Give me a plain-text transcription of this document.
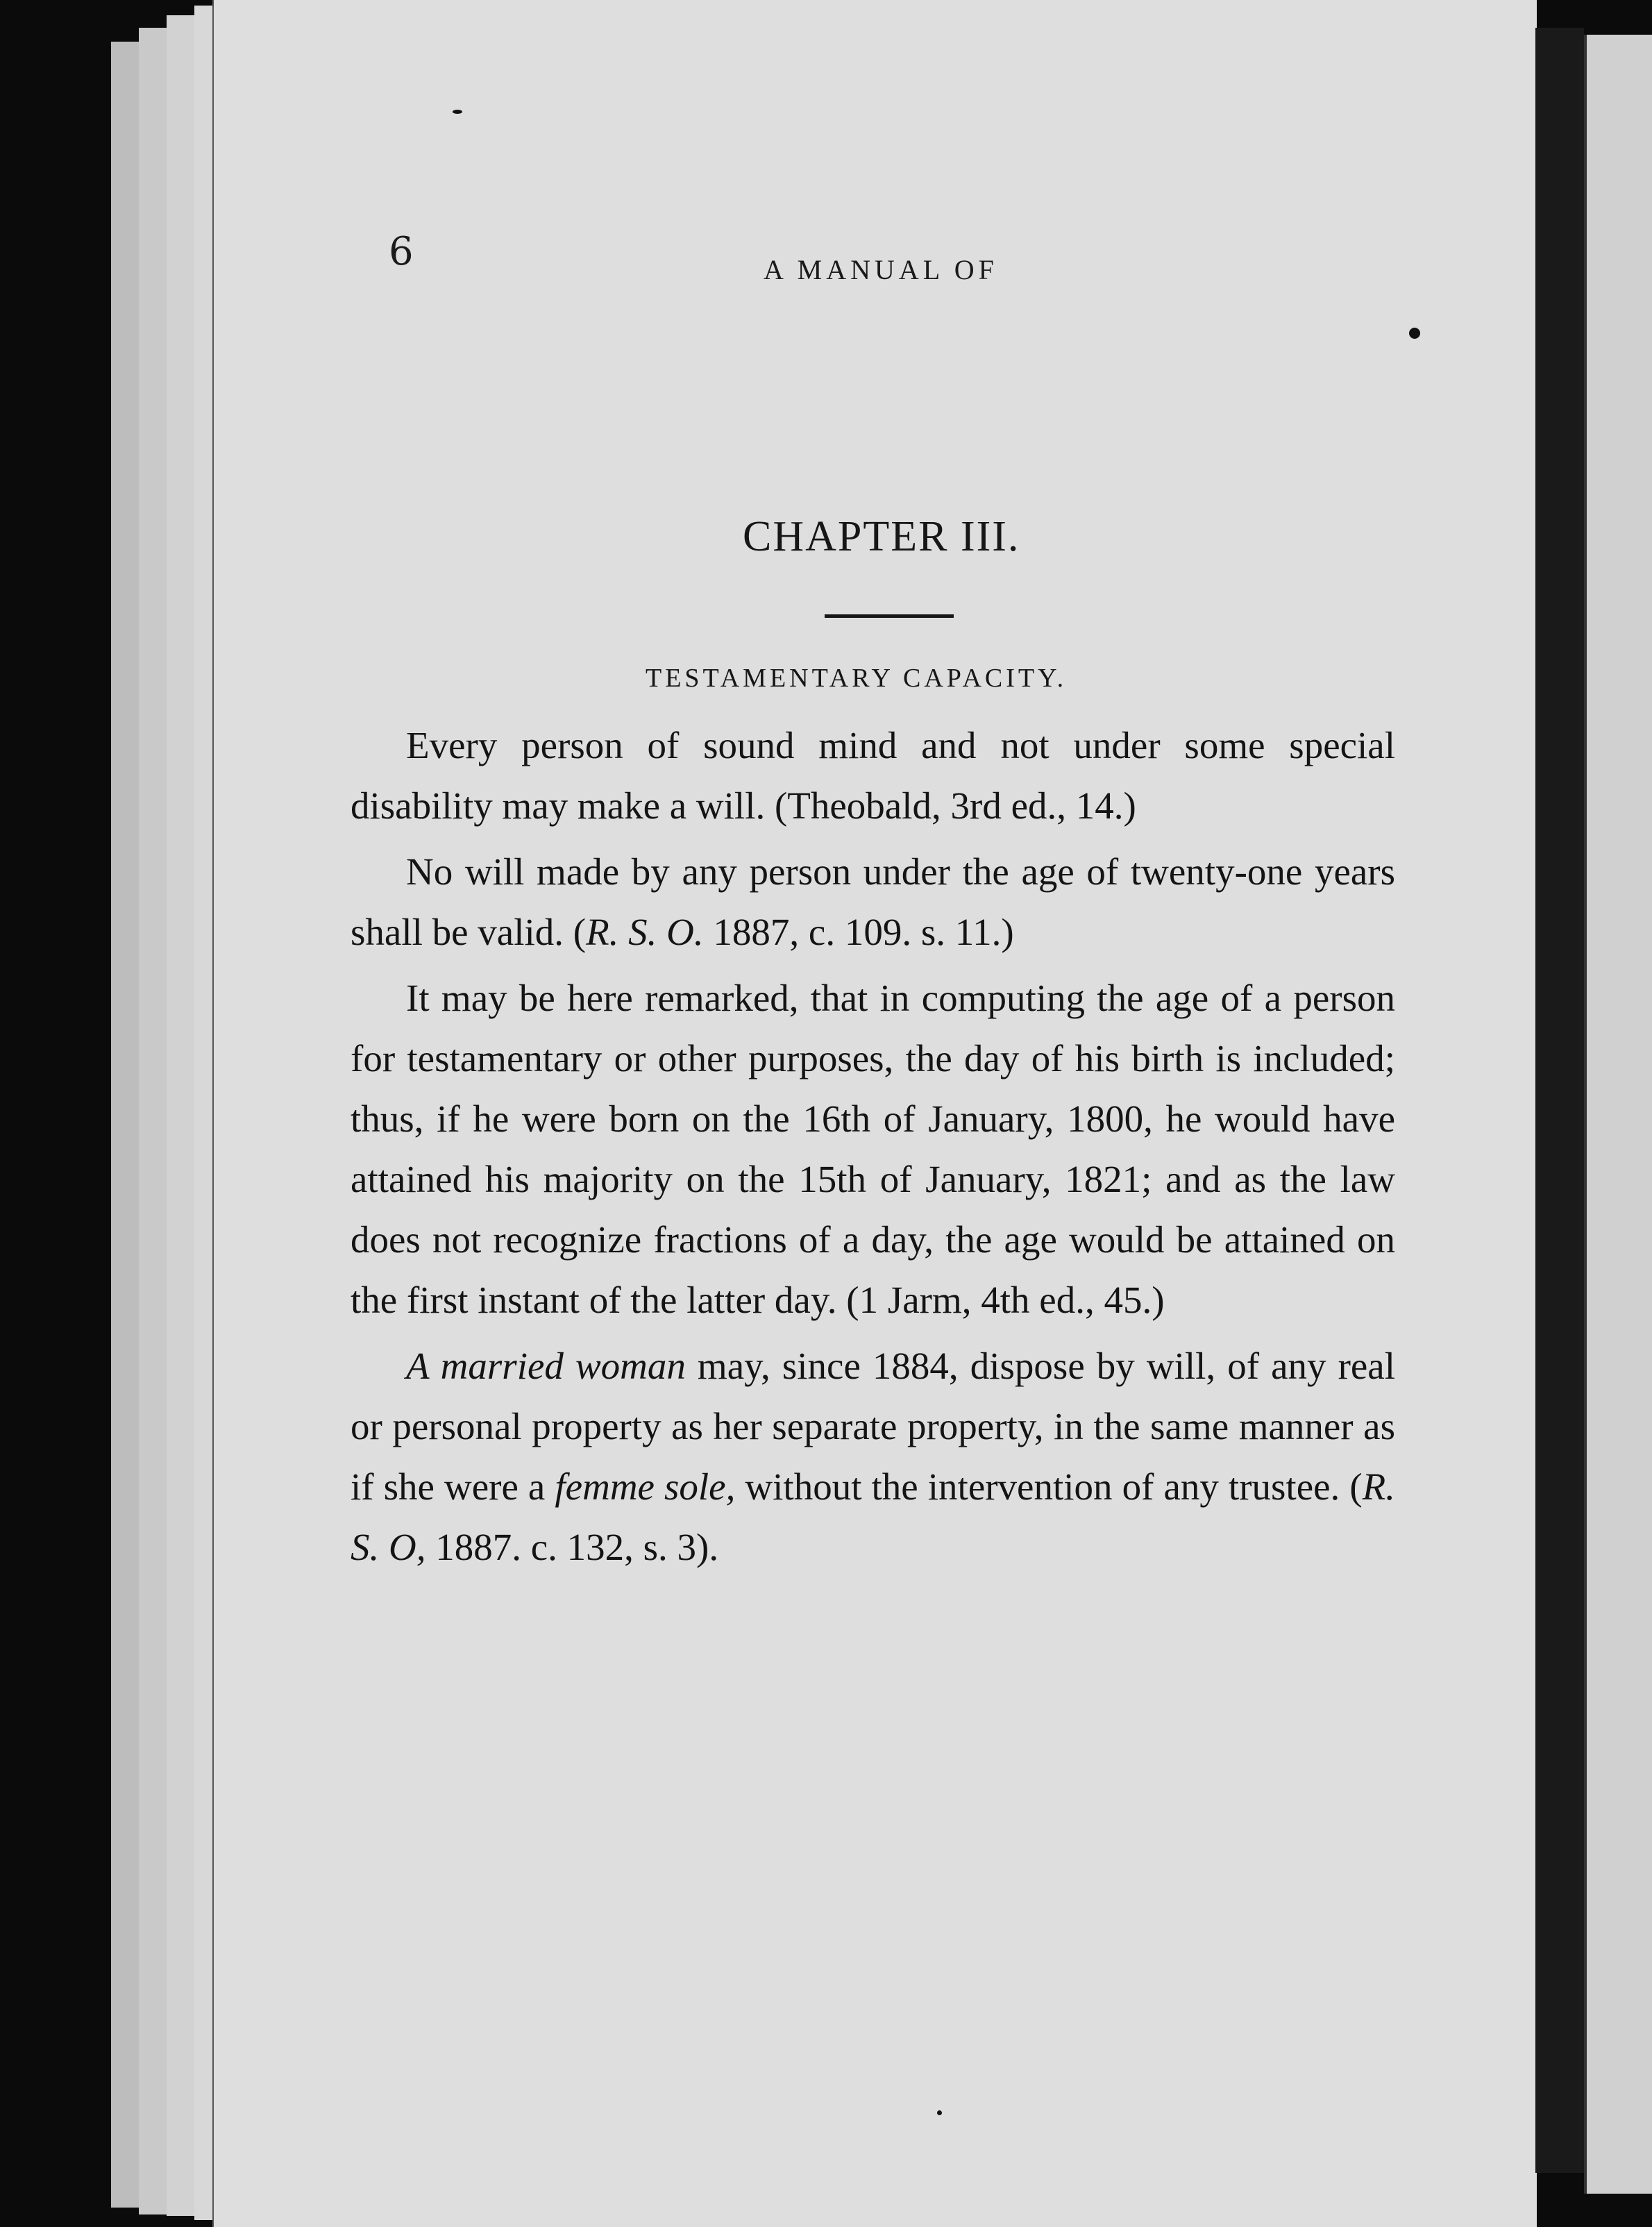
6	A MANUAL OF

CHAPTER III.
TESTAMENTARY CAPACITY.

Every person of sound mind and not under some special disability may make a will. (Theobald, 3rd ed., 14.)

No will made by any person under the age of twenty-one years shall be valid. (R. S. O. 1887, c. 109. s. 11.)

It may be here remarked, that in computing the age of a person for testamentary or other purposes, the day of his birth is included; thus, if he were born on the 16th of January, 1800, he would have attained his majority on the 15th of January, 1821; and as the law does not recognize fractions of a day, the age would be attained on the first instant of the latter day. (1 Jarm, 4th ed., 45.)

A married woman may, since 1884, dispose by will, of any real or personal property as her separate property, in the same manner as if she were a femme sole, without the intervention of any trustee. (R. S. O, 1887. c. 132, s. 3).
